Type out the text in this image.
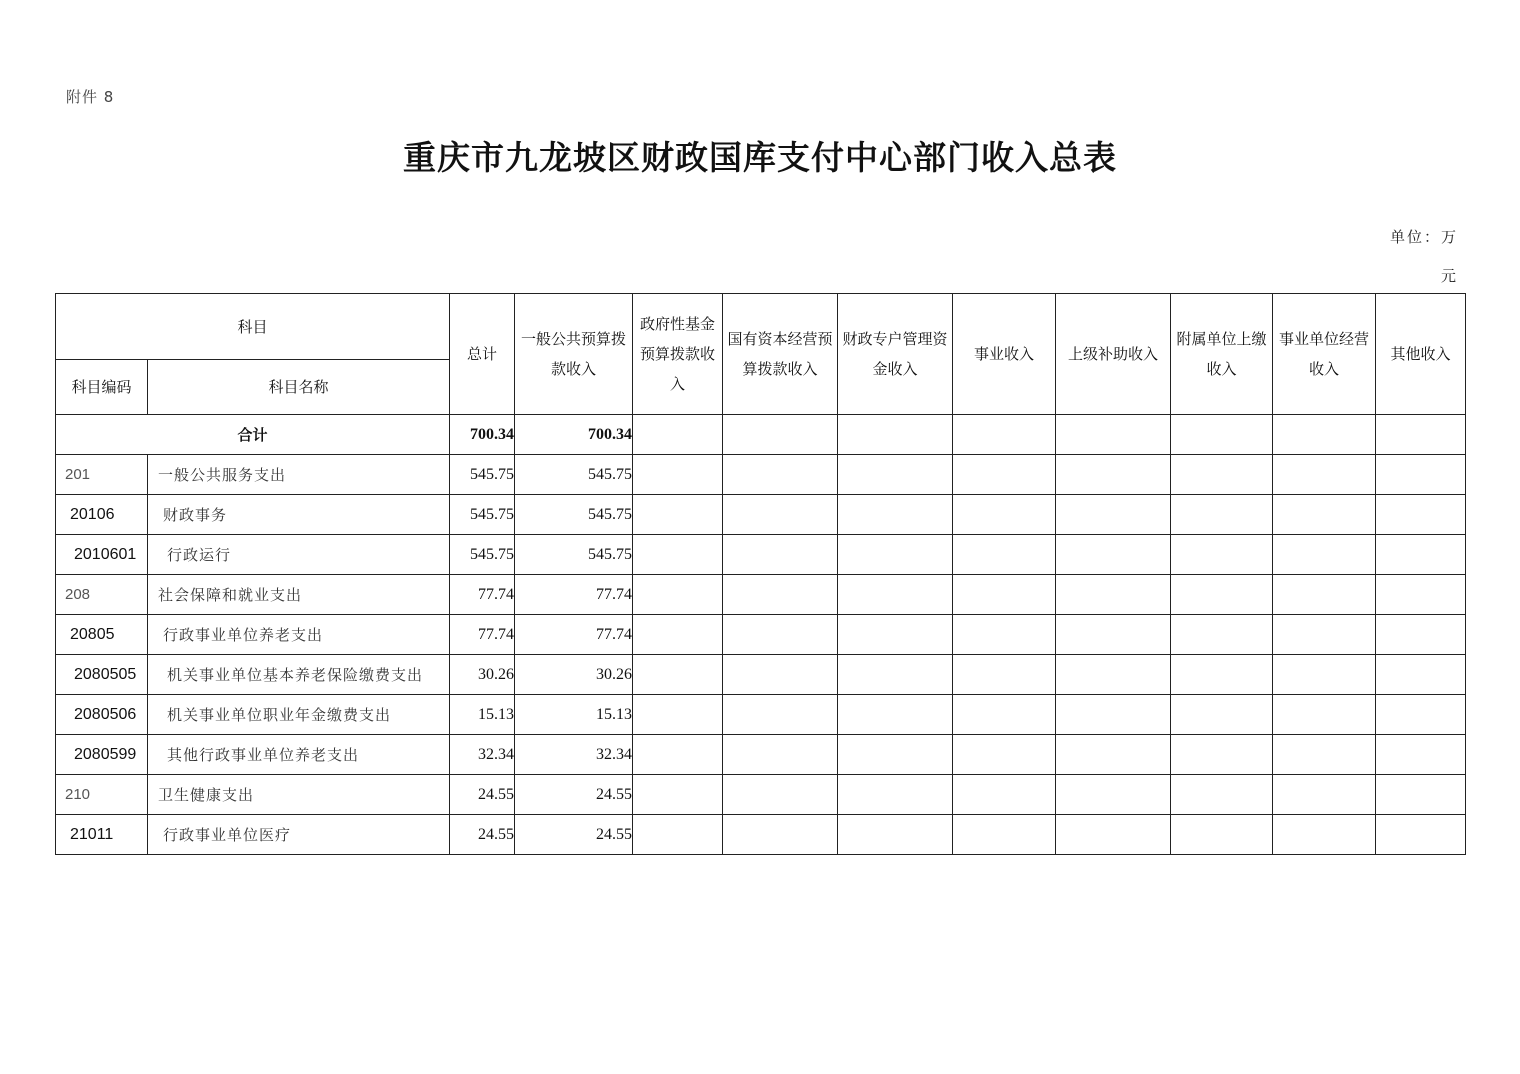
附件 8
重庆市九龙坡区财政国库支付中心部门收入总表
单位：万元
科目		总计	一般公共预算拨款收入	政府性基金预算拨款收入	国有资本经营预算拨款收入	财政专户管理资金收入	事业收入	上级补助收入	附属单位上缴收入	事业单位经营收入	其他收入
科目编码	科目名称										
合计		700.34	700.34								
201	一般公共服务支出	545.75	545.75								
20106	财政事务	545.75	545.75								
2010601	行政运行	545.75	545.75								
208	社会保障和就业支出	77.74	77.74								
20805	行政事业单位养老支出	77.74	77.74								
2080505	机关事业单位基本养老保险缴费支出	30.26	30.26								
2080506	机关事业单位职业年金缴费支出	15.13	15.13								
2080599	其他行政事业单位养老支出	32.34	32.34								
210	卫生健康支出	24.55	24.55								
21011	行政事业单位医疗	24.55	24.55								
